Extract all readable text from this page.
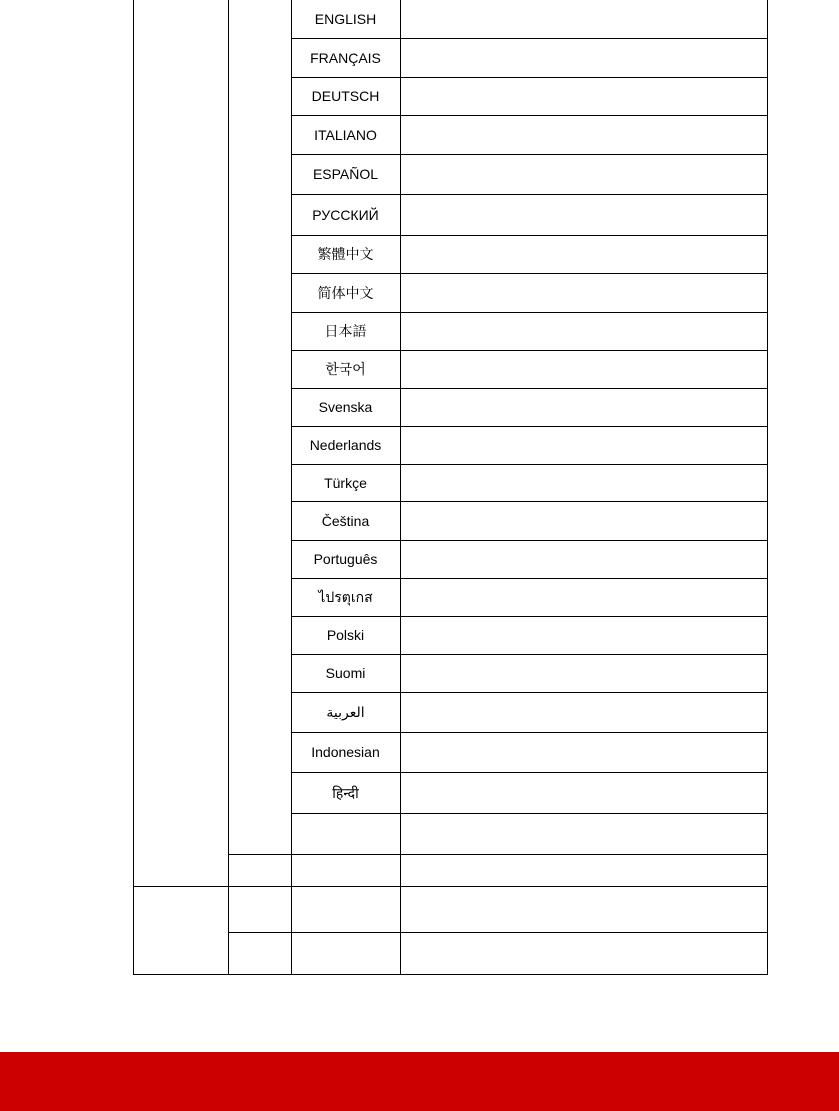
ENGLISH
FRANÇAIS
DEUTSCH
ITALIANO
ESPAÑOL
РУССКИЙ
繁體中文
简体中文
日本語
한국어
Svenska
Nederlands
Türkçe
Čeština
Português
ไปรตุเกส
Polski
Suomi
العربية
Indonesian
हिन्दी
